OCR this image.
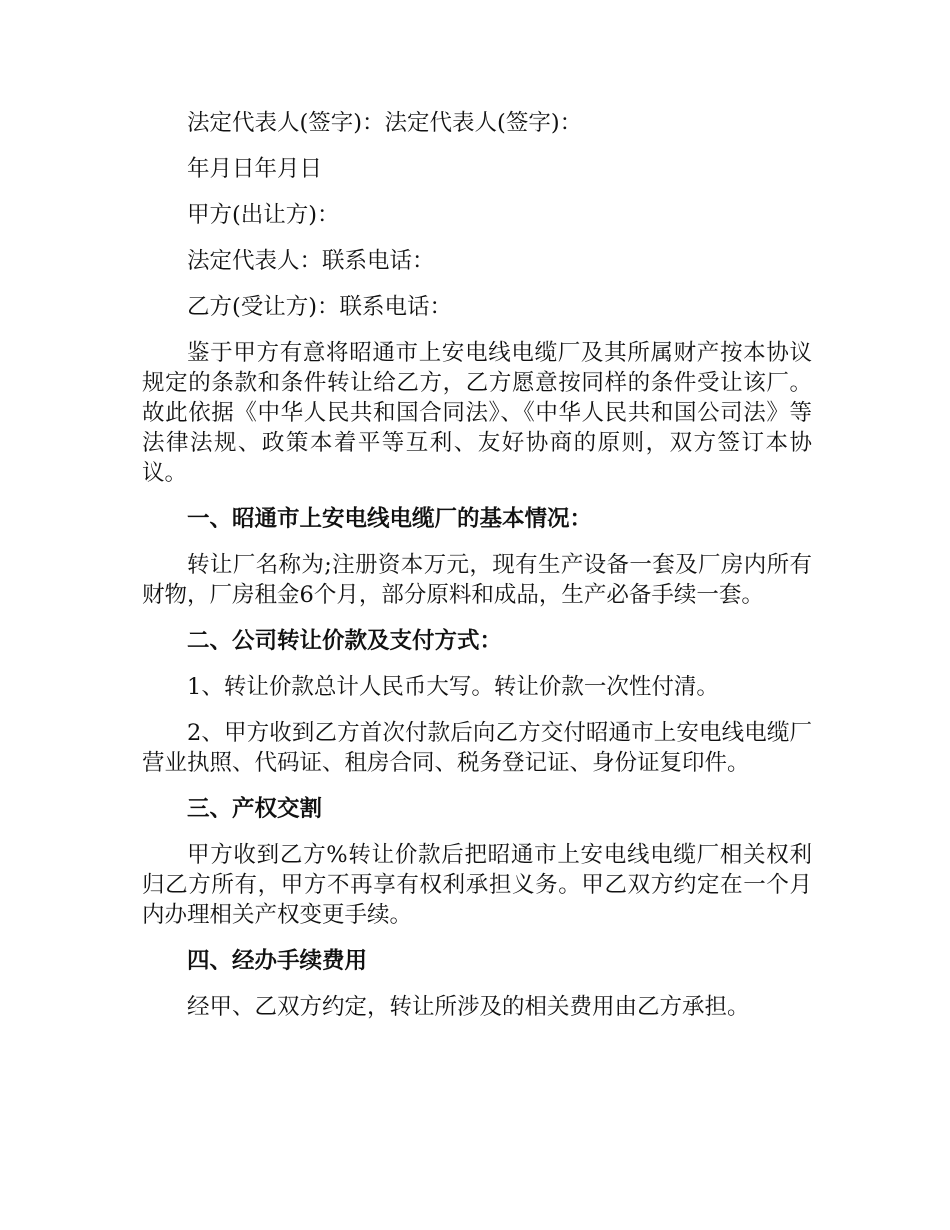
法定代表人(签字)：法定代表人(签字)：

年月日年月日

甲方(出让方)：

法定代表人：联系电话：

乙方(受让方)：联系电话：

鉴于甲方有意将昭通市上安电线电缆厂及其所属财产按本协议规定的条款和条件转让给乙方，乙方愿意按同样的条件受让该厂。故此依据《中华人民共和国合同法》、《中华人民共和国公司法》等法律法规、政策本着平等互利、友好协商的原则，双方签订本协议。

一、昭通市上安电线电缆厂的基本情况：

转让厂名称为;注册资本万元，现有生产设备一套及厂房内所有财物，厂房租金6个月，部分原料和成品，生产必备手续一套。

二、公司转让价款及支付方式：

1、转让价款总计人民币大写。转让价款一次性付清。

2、甲方收到乙方首次付款后向乙方交付昭通市上安电线电缆厂营业执照、代码证、租房合同、税务登记证、身份证复印件。

三、产权交割

甲方收到乙方%转让价款后把昭通市上安电线电缆厂相关权利归乙方所有，甲方不再享有权利承担义务。甲乙双方约定在一个月内办理相关产权变更手续。

四、经办手续费用

经甲、乙双方约定，转让所涉及的相关费用由乙方承担。
